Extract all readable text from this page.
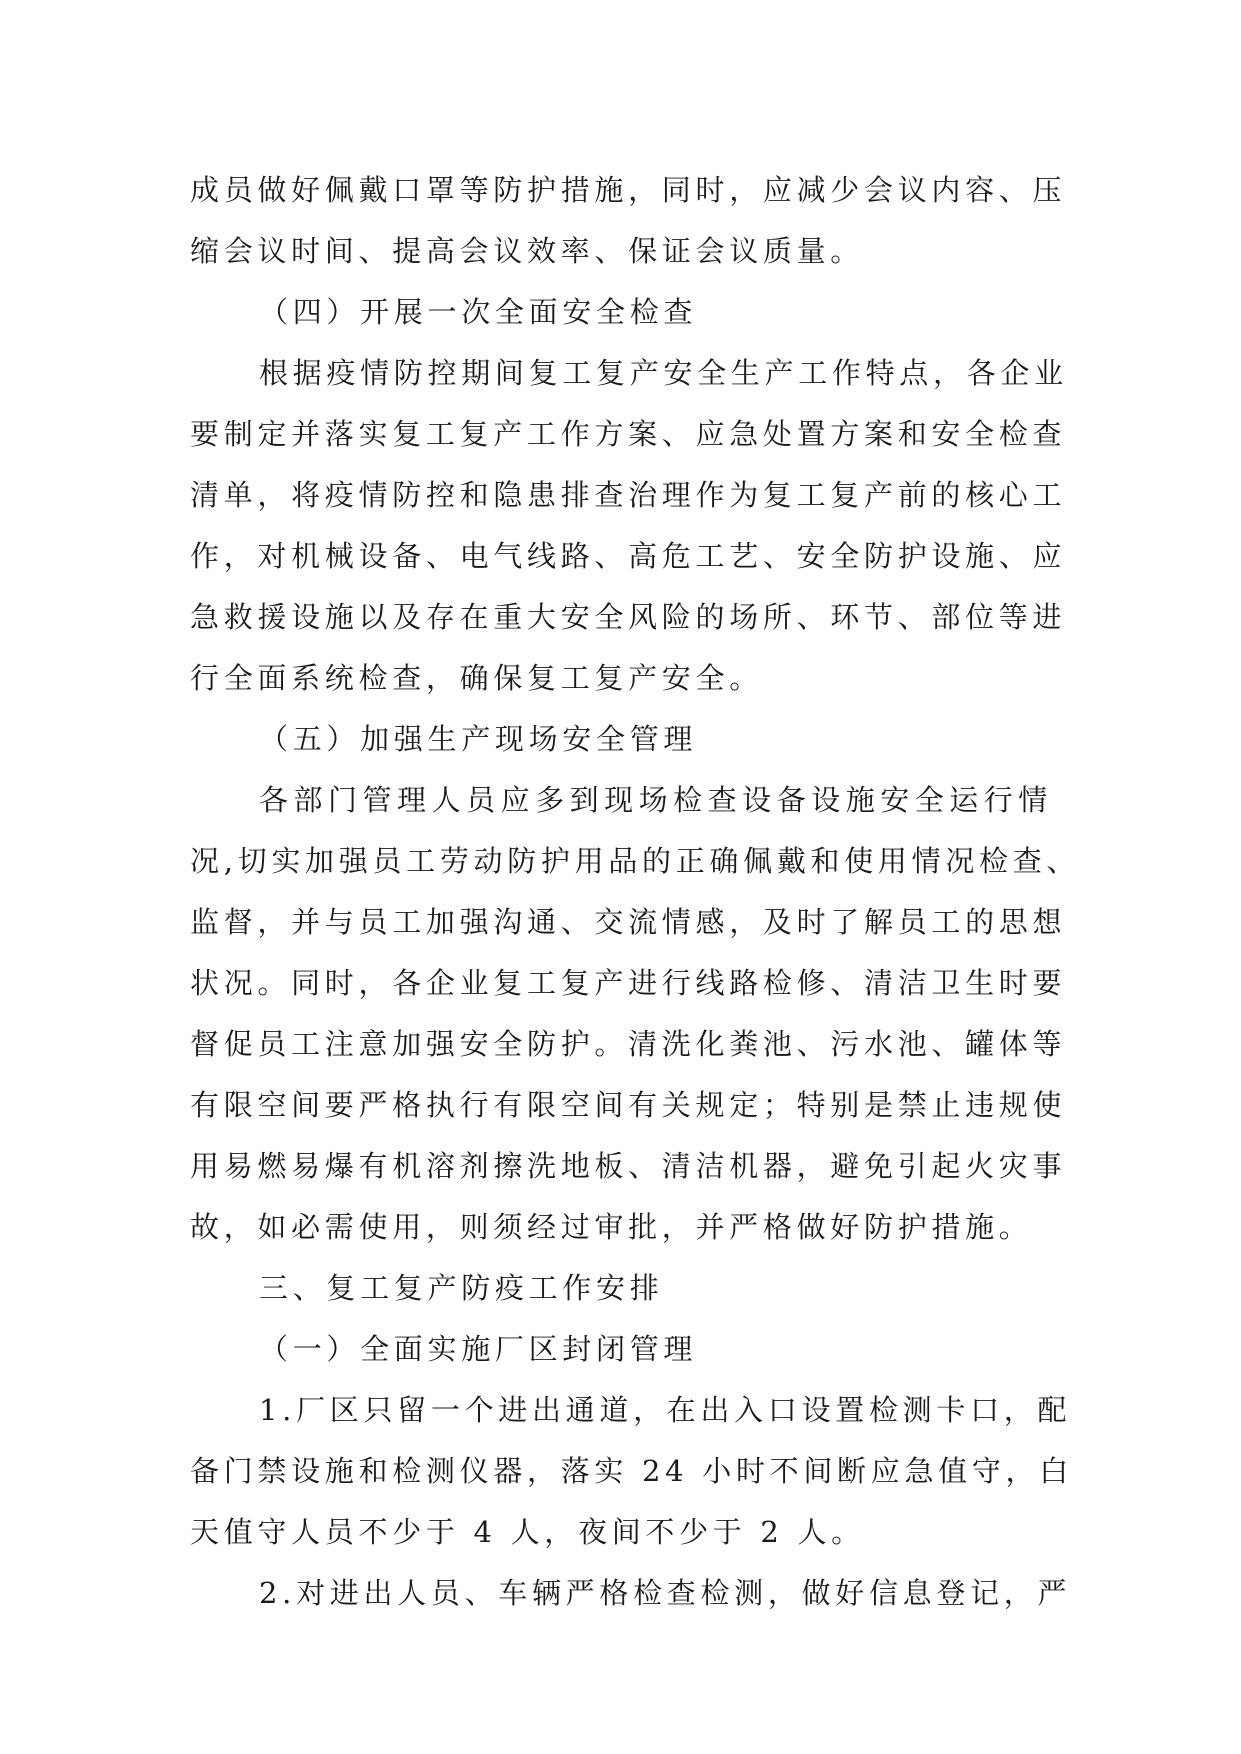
成员做好佩戴口罩等防护措施，同时，应减少会议内容、压
缩会议时间、提高会议效率、保证会议质量。
（四）开展一次全面安全检查
根据疫情防控期间复工复产安全生产工作特点，各企业
要制定并落实复工复产工作方案、应急处置方案和安全检查
清单，将疫情防控和隐患排查治理作为复工复产前的核心工
作，对机械设备、电气线路、高危工艺、安全防护设施、应
急救援设施以及存在重大安全风险的场所、环节、部位等进
行全面系统检查，确保复工复产安全。
（五）加强生产现场安全管理
各部门管理人员应多到现场检查设备设施安全运行情
况,切实加强员工劳动防护用品的正确佩戴和使用情况检查、
监督，并与员工加强沟通、交流情感，及时了解员工的思想
状况。同时，各企业复工复产进行线路检修、清洁卫生时要
督促员工注意加强安全防护。清洗化粪池、污水池、罐体等
有限空间要严格执行有限空间有关规定；特别是禁止违规使
用易燃易爆有机溶剂擦洗地板、清洁机器，避免引起火灾事
故，如必需使用，则须经过审批，并严格做好防护措施。
三、复工复产防疫工作安排
（一）全面实施厂区封闭管理
1.厂区只留一个进出通道，在出入口设置检测卡口，配
备门禁设施和检测仪器，落实 24 小时不间断应急值守，白
天值守人员不少于 4 人，夜间不少于 2 人。
2.对进出人员、车辆严格检查检测，做好信息登记，严
